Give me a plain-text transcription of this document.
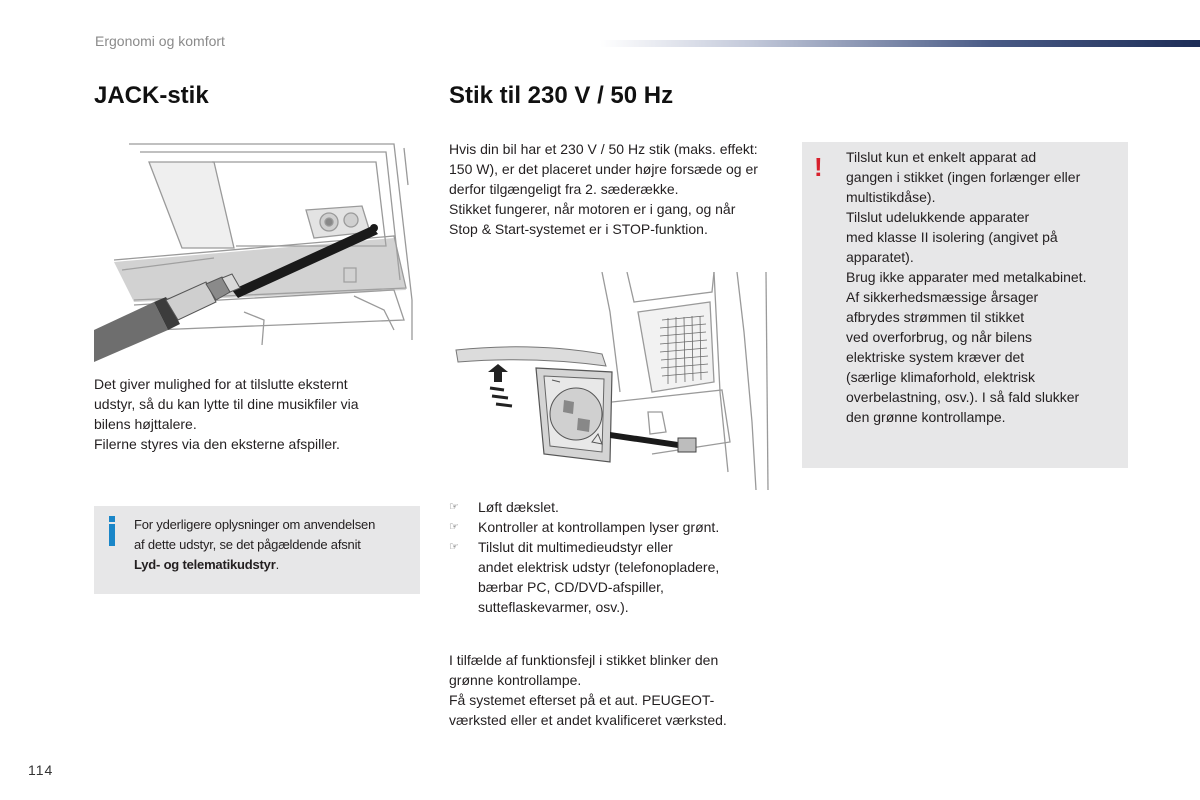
Ergonomi og komfort
JACK-stik	Stik til 230 V / 50 Hz

Det giver mulighed for at tilslutte eksternt

udstyr, så du kan lytte til dine musikfiler via

bilens højttalere.

Filerne styres via den eksterne afspiller.

For yderligere oplysninger om anvendelsen
af dette udstyr, se det pågældende afsnit
Lyd- og telematikudstyr.

Hvis din bil har et 230 V / 50 Hz stik (maks. effekt:

150 W), er det placeret under højre forsæde og er

derfor tilgængeligt fra 2. sæderække.

Stikket fungerer, når motoren er i gang, og når

Stop & Start-systemet er i STOP-funktion.

☞ Løft dækslet.
☞ Kontroller at kontrollampen lyser grønt.
☞ Tilslut dit multimedieudstyr eller
andet elektrisk udstyr (telefonopladere,
bærbar PC, CD/DVD-afspiller,
sutteflaskevarmer, osv.).

I tilfælde af funktionsfejl i stikket blinker den

grønne kontrollampe.

Få systemet efterset på et aut. PEUGEOT-

værksted eller et andet kvalificeret værksted.

! Tilslut kun et enkelt apparat ad

gangen i stikket (ingen forlænger eller

multistikdåse).

Tilslut udelukkende apparater

med klasse II isolering (angivet på

apparatet).

Brug ikke apparater med metalkabinet.

Af sikkerhedsmæssige årsager

afbrydes strømmen til stikket

ved overforbrug, og når bilens

elektriske system kræver det

(særlige klimaforhold, elektrisk

overbelastning, osv.). I så fald slukker

den grønne kontrollampe.

114
